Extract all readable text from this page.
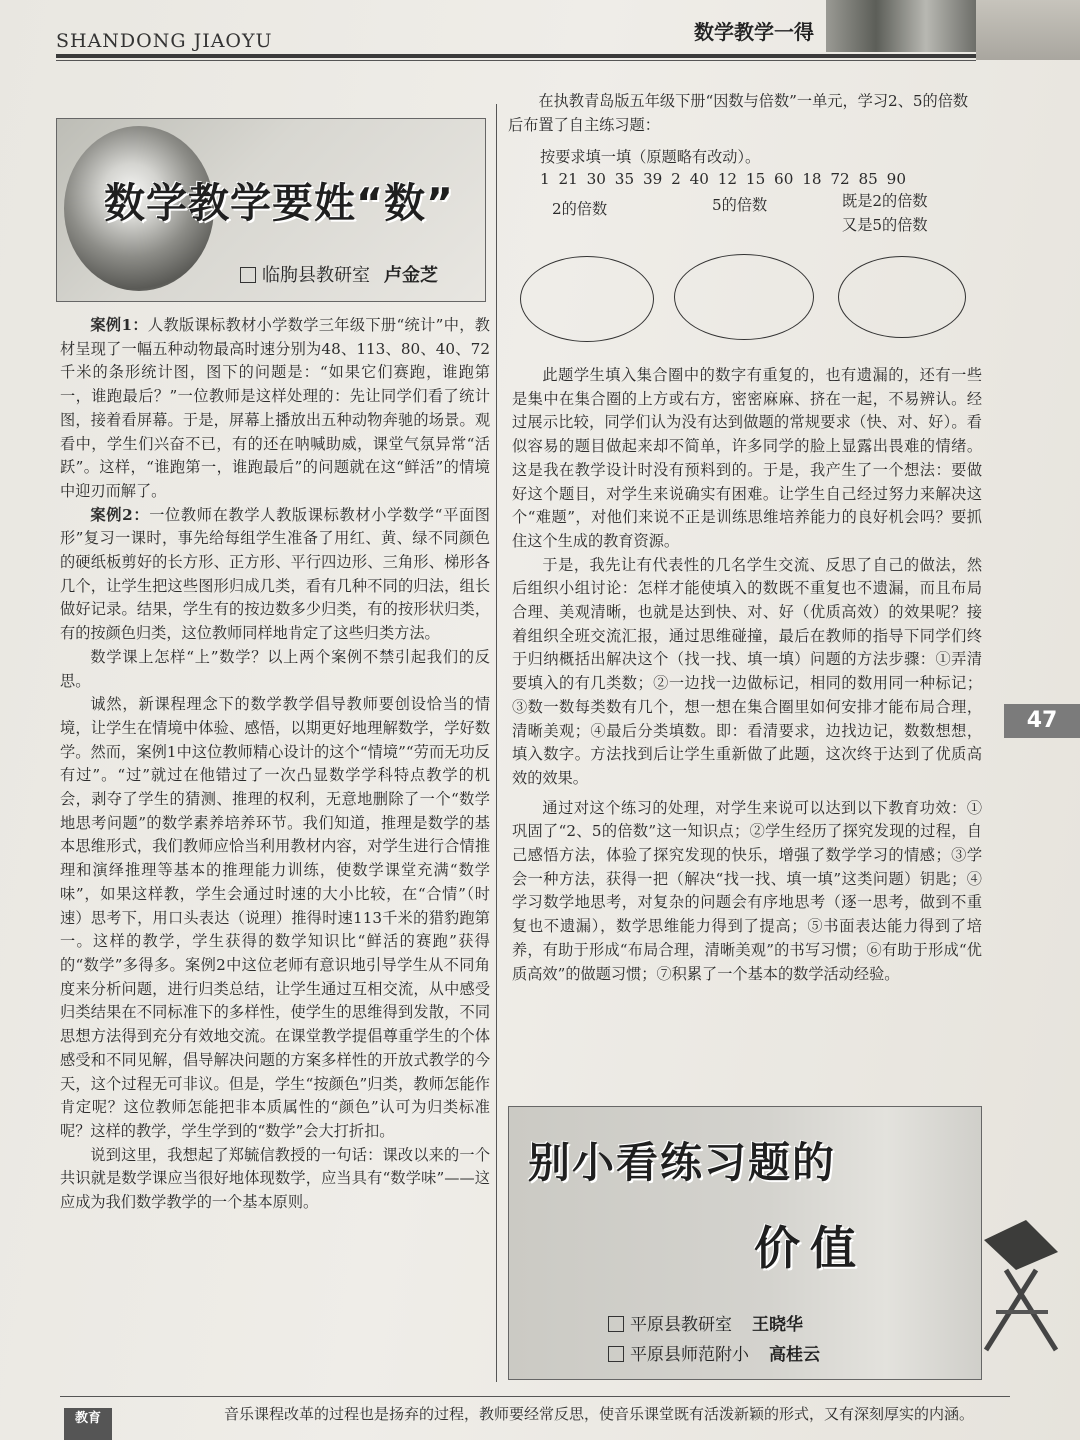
SHANDONG JIAOYU	数学教学一得
数学教学要姓“数”
临朐县教研室 卢金芝

案例1：人教版课标教材小学数学三年级下册“统计”中，教材呈现了一幅五种动物最高时速分别为48、113、80、40、72千米的条形统计图，图下的问题是：“如果它们赛跑，谁跑第一，谁跑最后？”一位教师是这样处理的：先让同学们看了统计图，接着看屏幕。于是，屏幕上播放出五种动物奔驰的场景。观看中，学生们兴奋不已，有的还在呐喊助威，课堂气氛异常“活跃”。这样，“谁跑第一，谁跑最后”的问题就在这“鲜活”的情境中迎刃而解了。

案例2：一位教师在教学人教版课标教材小学数学“平面图形”复习一课时，事先给每组学生准备了用红、黄、绿不同颜色的硬纸板剪好的长方形、正方形、平行四边形、三角形、梯形各几个，让学生把这些图形归成几类，看有几种不同的归法，组长做好记录。结果，学生有的按边数多少归类，有的按形状归类，有的按颜色归类，这位教师同样地肯定了这些归类方法。

数学课上怎样“上”数学？以上两个案例不禁引起我们的反思。

诚然，新课程理念下的数学教学倡导教师要创设恰当的情境，让学生在情境中体验、感悟，以期更好地理解数学，学好数学。然而，案例1中这位教师精心设计的这个“情境”“劳而无功反有过”。“过”就过在他错过了一次凸显数学学科特点教学的机会，剥夺了学生的猜测、推理的权利，无意地删除了一个“数学地思考问题”的数学素养培养环节。我们知道，推理是数学的基本思维形式，我们教师应恰当利用教材内容，对学生进行合情推理和演绎推理等基本的推理能力训练，使数学课堂充满“数学味”，如果这样教，学生会通过时速的大小比较，在“合情”（时速）思考下，用口头表达（说理）推得时速113千米的猎豹跑第一。这样的教学，学生获得的数学知识比“鲜活的赛跑”获得的“数学”多得多。案例2中这位老师有意识地引导学生从不同角度来分析问题，进行归类总结，让学生通过互相交流，从中感受归类结果在不同标准下的多样性，使学生的思维得到发散，不同思想方法得到充分有效地交流。在课堂教学提倡尊重学生的个体感受和不同见解，倡导解决问题的方案多样性的开放式教学的今天，这个过程无可非议。但是，学生“按颜色”归类，教师怎能作肯定呢？这位教师怎能把非本质属性的“颜色”认可为归类标准呢？这样的教学，学生学到的“数学”会大打折扣。

说到这里，我想起了郑毓信教授的一句话：课改以来的一个共识就是数学课应当很好地体现数学，应当具有“数学味”——这应成为我们数学教学的一个基本原则。

在执教青岛版五年级下册“因数与倍数”一单元，学习2、5的倍数后布置了自主练习题：

按要求填一填（原题略有改动）。
1 21 30 35 39 2 40 12 15 60 18 72 85 90
2的倍数	5的倍数	既是2的倍数
又是5的倍数

此题学生填入集合圈中的数字有重复的，也有遗漏的，还有一些是集中在集合圈的上方或右方，密密麻麻、挤在一起，不易辨认。经过展示比较，同学们认为没有达到做题的常规要求（快、对、好）。看似容易的题目做起来却不简单，许多同学的脸上显露出畏难的情绪。这是我在教学设计时没有预料到的。于是，我产生了一个想法：要做好这个题目，对学生来说确实有困难。让学生自己经过努力来解决这个“难题”，对他们来说不正是训练思维培养能力的良好机会吗？要抓住这个生成的教育资源。

于是，我先让有代表性的几名学生交流、反思了自己的做法，然后组织小组讨论：怎样才能使填入的数既不重复也不遗漏，而且布局合理、美观清晰，也就是达到快、对、好（优质高效）的效果呢？接着组织全班交流汇报，通过思维碰撞，最后在教师的指导下同学们终于归纳概括出解决这个（找一找、填一填）问题的方法步骤：①弄清要填入的有几类数；②一边找一边做标记，相同的数用同一种标记；③数一数每类数有几个，想一想在集合圈里如何安排才能布局合理，清晰美观；④最后分类填数。即：看清要求，边找边记，数数想想，填入数字。方法找到后让学生重新做了此题，这次终于达到了优质高效的效果。

通过对这个练习的处理，对学生来说可以达到以下教育功效：①巩固了“2、5的倍数”这一知识点；②学生经历了探究发现的过程，自己感悟方法，体验了探究发现的快乐，增强了数学学习的情感；③学会一种方法，获得一把（解决“找一找、填一填”这类问题）钥匙；④学习数学地思考，对复杂的问题会有序地思考（逐一思考，做到不重复也不遗漏），数学思维能力得到了提高；⑤书面表达能力得到了培养，有助于形成“布局合理，清晰美观”的书写习惯；⑥有助于形成“优质高效”的做题习惯；⑦积累了一个基本的数学活动经验。

47
别小看练习题的
价值
平原县教研室 王晓华
平原县师范附小 高桂云
教育	音乐课程改革的过程也是扬弃的过程，教师要经常反思，使音乐课堂既有活泼新颖的形式，又有深刻厚实的内涵。
